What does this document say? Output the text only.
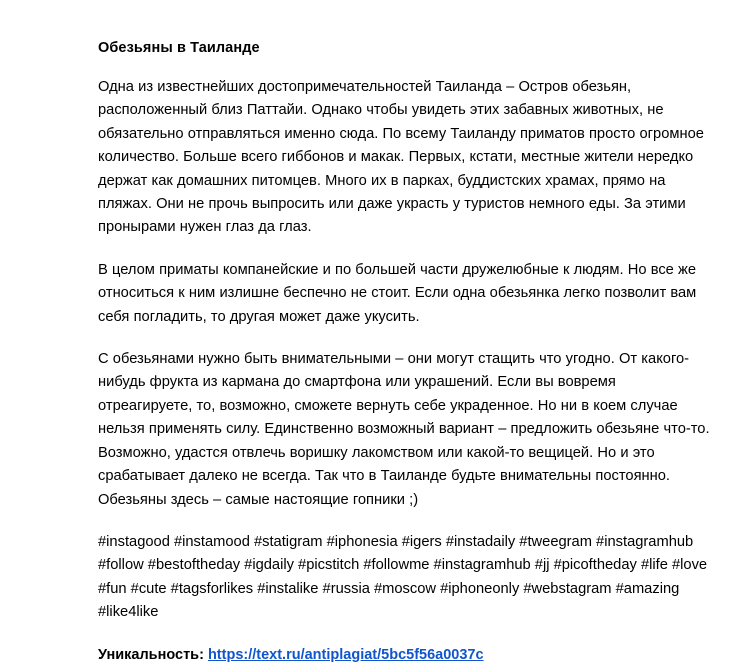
Обезьяны в Таиланде

Одна из известнейших достопримечательностей Таиланда – Остров обезьян, расположенный близ Паттайи. Однако чтобы увидеть этих забавных животных, не обязательно отправляться именно сюда. По всему Таиланду приматов просто огромное количество. Больше всего гиббонов и макак. Первых, кстати, местные жители нередко держат как домашних питомцев. Много их в парках, буддистских храмах, прямо на пляжах. Они не прочь выпросить или даже украсть у туристов немного еды. За этими пронырами нужен глаз да глаз.

В целом приматы компанейские и по большей части дружелюбные к людям. Но все же относиться к ним излишне беспечно не стоит. Если одна обезьянка легко позволит вам себя погладить, то другая может даже укусить.

С обезьянами нужно быть внимательными – они могут стащить что угодно. От какого-нибудь фрукта из кармана до смартфона или украшений. Если вы вовремя отреагируете, то, возможно, сможете вернуть себе украденное. Но ни в коем случае нельзя применять силу. Единственно возможный вариант – предложить обезьяне что-то. Возможно, удастся отвлечь воришку лакомством или какой-то вещицей. Но и это срабатывает далеко не всегда. Так что в Таиланде будьте внимательны постоянно. Обезьяны здесь – самые настоящие гопники ;)

#instagood #instamood #statigram #iphonesia #igers #instadaily #tweegram #instagramhub #follow #bestoftheday #igdaily #picstitch #followme #instagramhub #jj #picoftheday #life #love #fun #cute #tagsforlikes #instalike #russia #moscow #iphoneonly #webstagram #amazing #like4like

Уникальность: https://text.ru/antiplagiat/5bc5f56a0037c
